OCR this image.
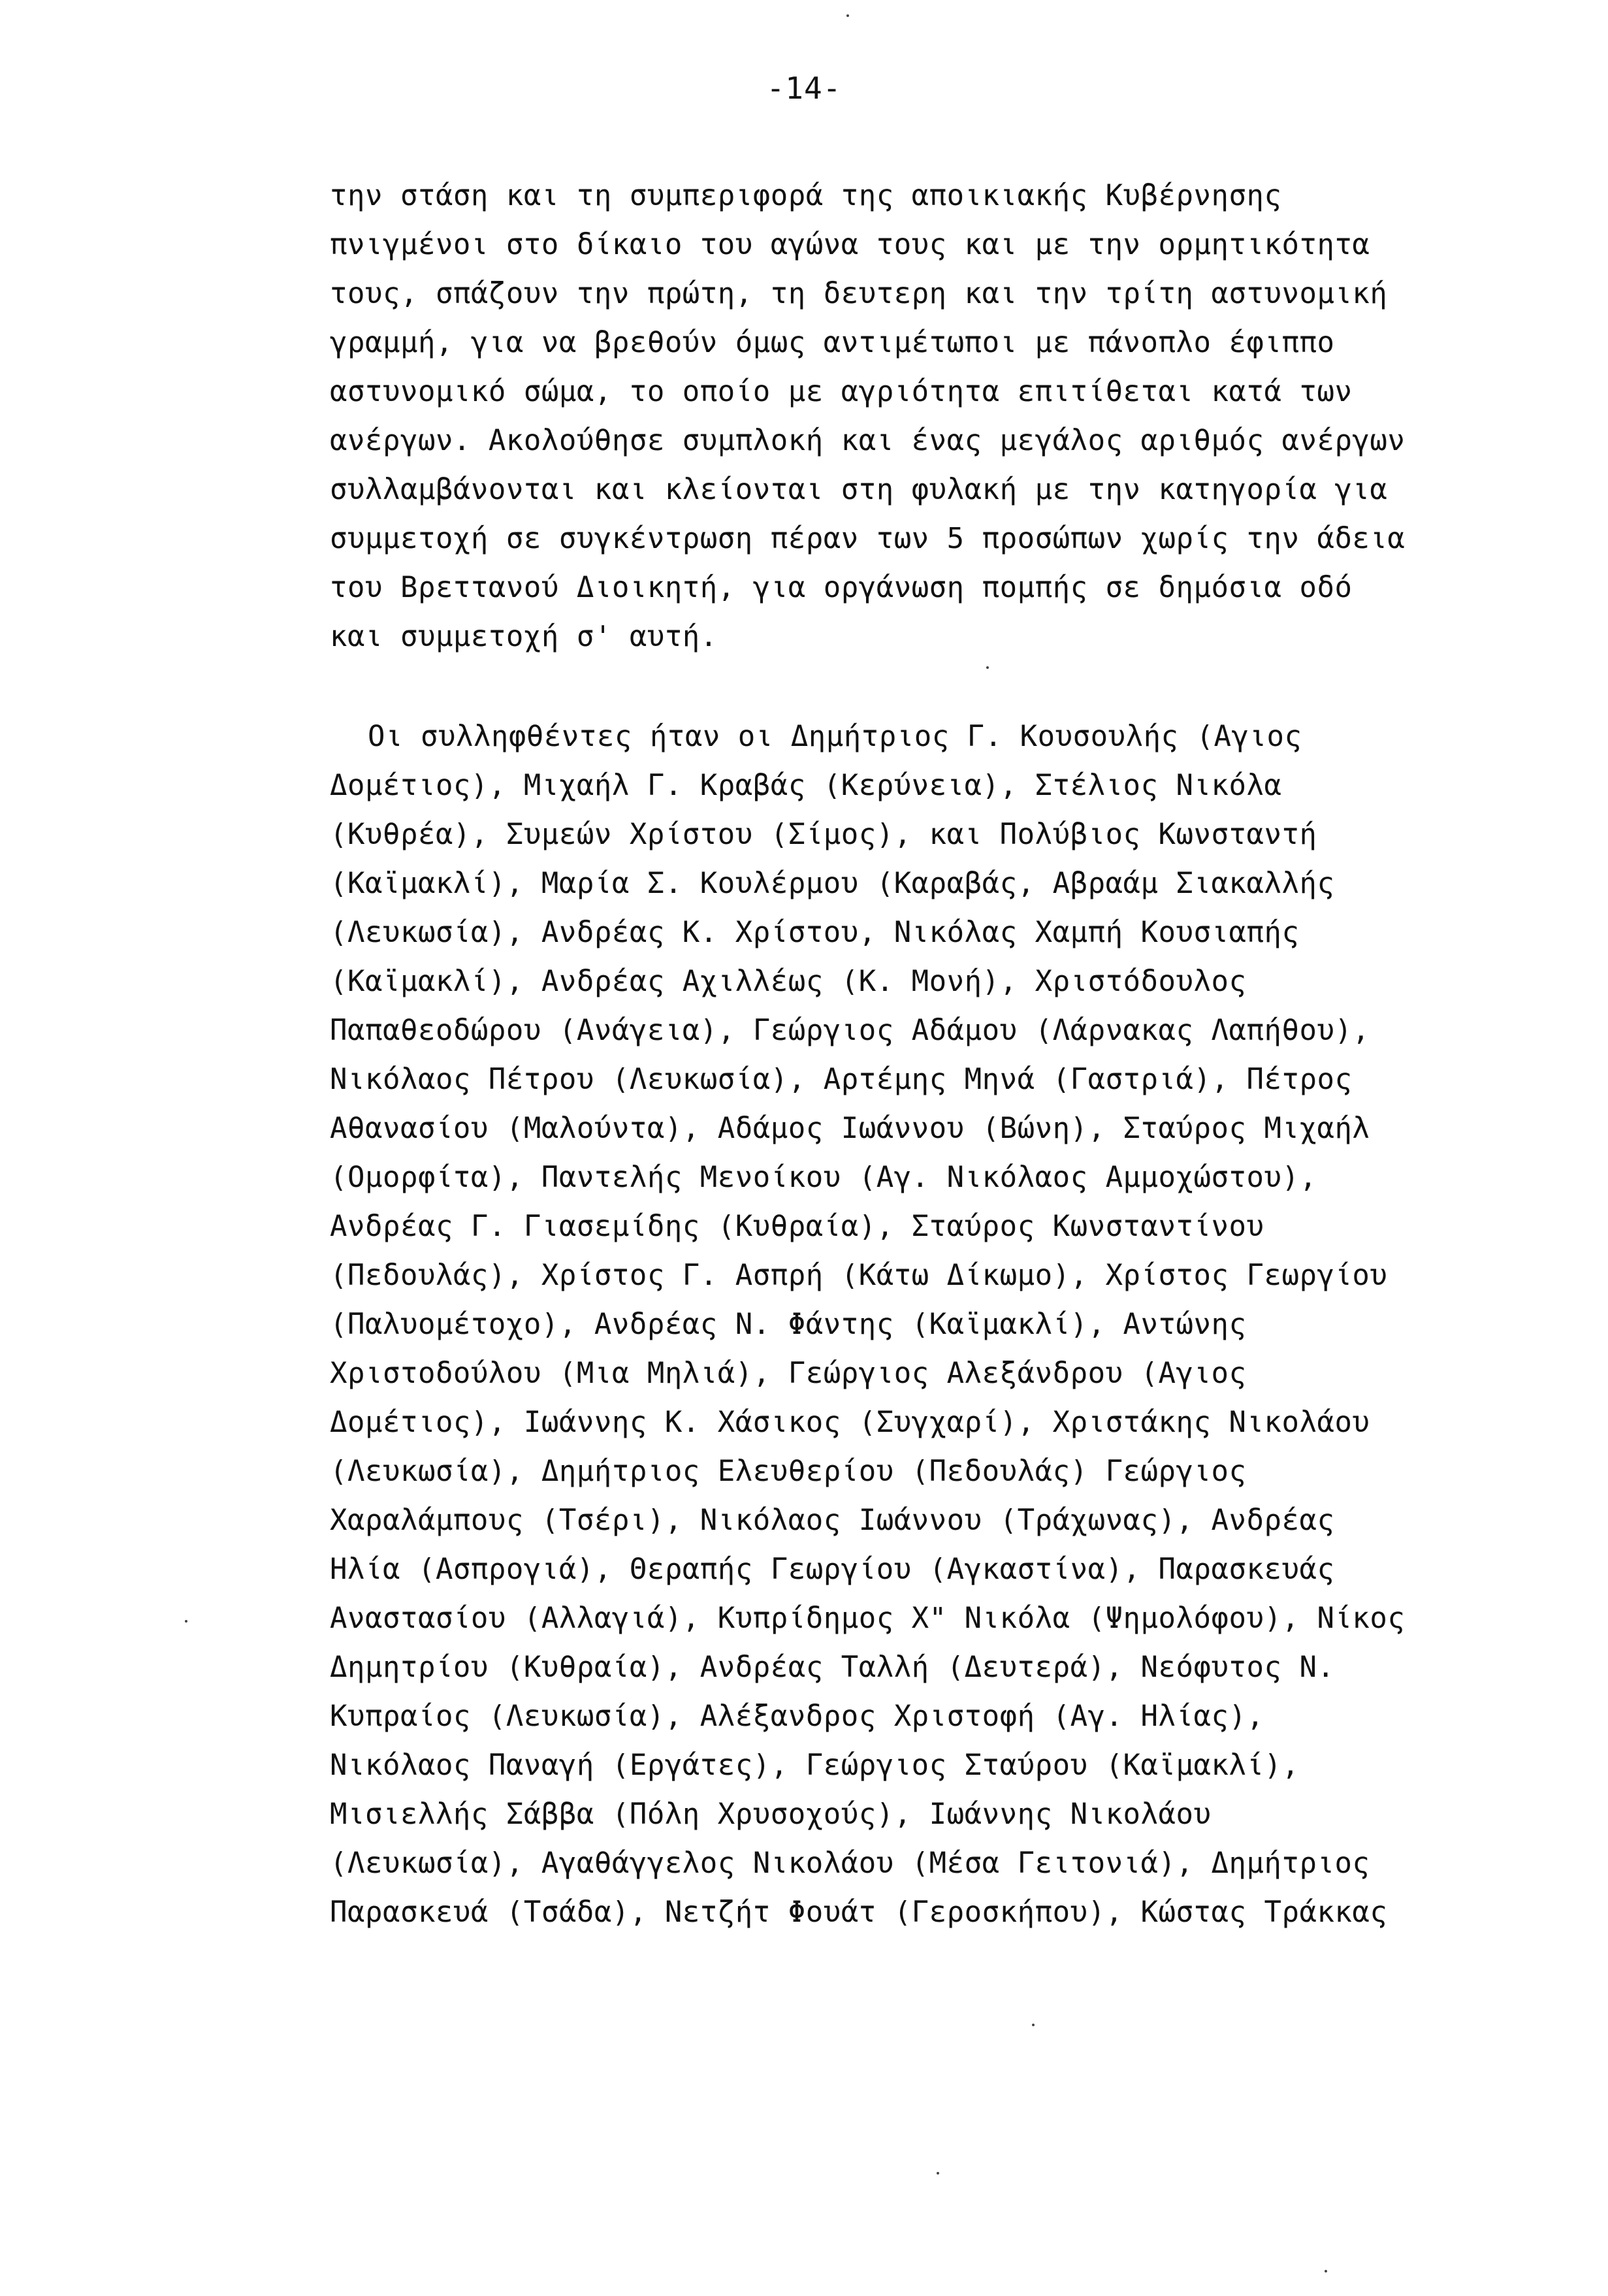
-14-
την στάση και τη συμπεριφορά της αποικιακής Κυβέρνησης
πνιγμένοι στο δίκαιο του αγώνα τους και με την ορμητικότητα
τους, σπάζουν την πρώτη, τη δευτερη και την τρίτη αστυνομική
γραμμή, για να βρεθούν όμως αντιμέτωποι με πάνοπλο έφιππο
αστυνομικό σώμα, το οποίο με αγριότητα επιτίθεται κατά των
ανέργων. Ακολούθησε συμπλοκή και ένας μεγάλος αριθμός ανέργων
συλλαμβάνονται και κλείονται στη φυλακή με την κατηγορία για
συμμετοχή σε συγκέντρωση πέραν των 5 προσώπων χωρίς την άδεια
του Βρεττανού Διοικητή, για οργάνωση πομπής σε δημόσια οδό
και συμμετοχή σ' αυτή.
Οι συλληφθέντες ήταν οι Δημήτριος Γ. Κουσουλής (Αγιος
Δομέτιος), Μιχαήλ Γ. Κραβάς (Κερύνεια), Στέλιος Νικόλα
(Κυθρέα), Συμεών Χρίστου (Σίμος), και Πολύβιος Κωνσταντή
(Καϊμακλί), Μαρία Σ. Κουλέρμου (Καραβάς, Αβραάμ Σιακαλλής
(Λευκωσία), Ανδρέας Κ. Χρίστου, Νικόλας Χαμπή Κουσιαπής
(Καϊμακλί), Ανδρέας Αχιλλέως (Κ. Μονή), Χριστόδουλος
Παπαθεοδώρου (Ανάγεια), Γεώργιος Αδάμου (Λάρνακας Λαπήθου),
Νικόλαος Πέτρου (Λευκωσία), Αρτέμης Μηνά (Γαστριά), Πέτρος
Αθανασίου (Μαλούντα), Αδάμος Ιωάννου (Βώνη), Σταύρος Μιχαήλ
(Ομορφίτα), Παντελής Μενοίκου (Αγ. Νικόλαος Αμμοχώστου),
Ανδρέας Γ. Γιασεμίδης (Κυθραία), Σταύρος Κωνσταντίνου
(Πεδουλάς), Χρίστος Γ. Ασπρή (Κάτω Δίκωμο), Χρίστος Γεωργίου
(Παλυομέτοχο), Ανδρέας Ν. Φάντης (Καϊμακλί), Αντώνης
Χριστοδούλου (Μια Μηλιά), Γεώργιος Αλεξάνδρου (Αγιος
Δομέτιος), Ιωάννης Κ. Χάσικος (Συγχαρί), Χριστάκης Νικολάου
(Λευκωσία), Δημήτριος Ελευθερίου (Πεδουλάς) Γεώργιος
Χαραλάμπους (Τσέρι), Νικόλαος Ιωάννου (Τράχωνας), Ανδρέας
Ηλία (Ασπρογιά), Θεραπής Γεωργίου (Αγκαστίνα), Παρασκευάς
Αναστασίου (Αλλαγιά), Κυπρίδημος Χ" Νικόλα (Ψημολόφου), Νίκος
Δημητρίου (Κυθραία), Ανδρέας Ταλλή (Δευτερά), Νεόφυτος Ν.
Κυπραίος (Λευκωσία), Αλέξανδρος Χριστοφή (Αγ. Ηλίας),
Νικόλαος Παναγή (Εργάτες), Γεώργιος Σταύρου (Καϊμακλί),
Μισιελλής Σάββα (Πόλη Χρυσοχούς), Ιωάννης Νικολάου
(Λευκωσία), Αγαθάγγελος Νικολάου (Μέσα Γειτονιά), Δημήτριος
Παρασκευά (Τσάδα), Νετζήτ Φουάτ (Γεροσκήπου), Κώστας Τράκκας
